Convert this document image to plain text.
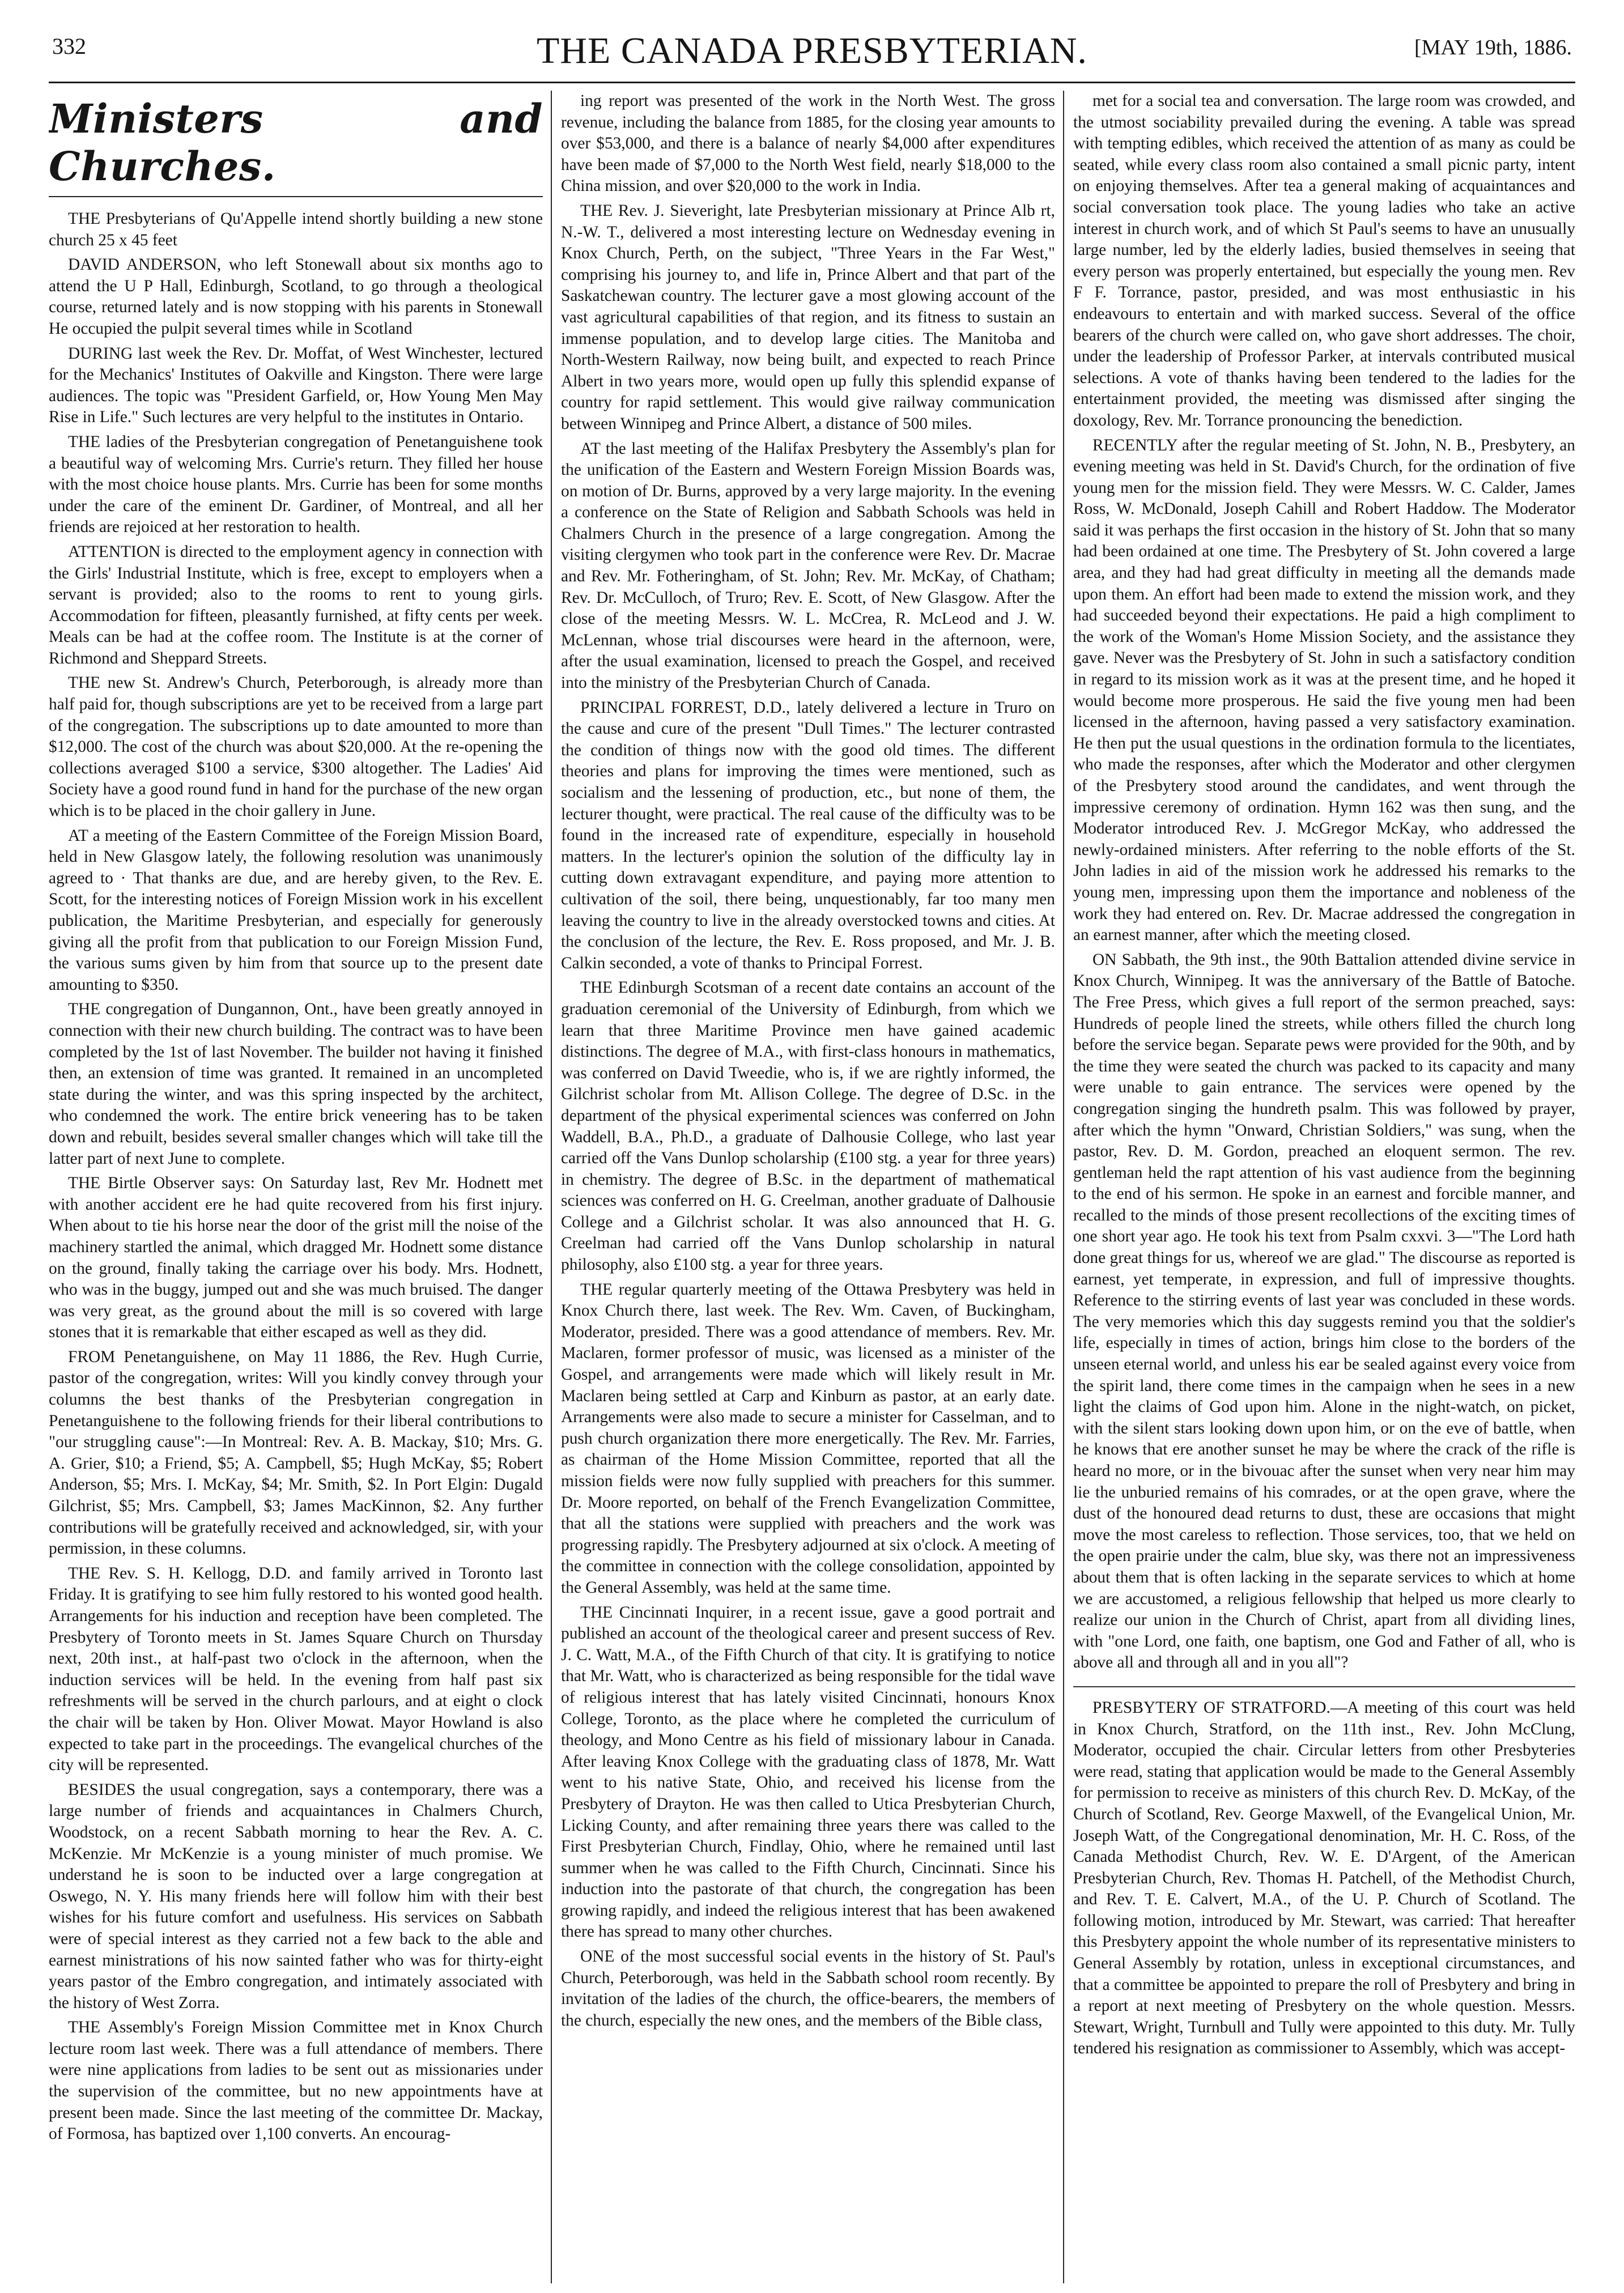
332	THE CANADA PRESBYTERIAN.	[MAY 19th, 1886.
Ministers and Churches.

THE Presbyterians of Qu'Appelle intend shortly building a new stone church 25 x 45 feet

DAVID ANDERSON, who left Stonewall about six months ago to attend the U P Hall, Edinburgh, Scotland, to go through a theological course, returned lately and is now stopping with his parents in Stonewall He occupied the pulpit several times while in Scotland

DURING last week the Rev. Dr. Moffat, of West Winchester, lectured for the Mechanics' Institutes of Oakville and Kingston. There were large audiences. The topic was "President Garfield, or, How Young Men May Rise in Life." Such lectures are very helpful to the institutes in Ontario.

THE ladies of the Presbyterian congregation of Penetanguishene took a beautiful way of welcoming Mrs. Currie's return. They filled her house with the most choice house plants. Mrs. Currie has been for some months under the care of the eminent Dr. Gardiner, of Montreal, and all her friends are rejoiced at her restoration to health.

ATTENTION is directed to the employment agency in connection with the Girls' Industrial Institute, which is free, except to employers when a servant is provided; also to the rooms to rent to young girls. Accommodation for fifteen, pleasantly furnished, at fifty cents per week. Meals can be had at the coffee room. The Institute is at the corner of Richmond and Sheppard Streets.

THE new St. Andrew's Church, Peterborough, is already more than half paid for, though subscriptions are yet to be received from a large part of the congregation. The subscriptions up to date amounted to more than $12,000. The cost of the church was about $20,000. At the re-opening the collections averaged $100 a service, $300 altogether. The Ladies' Aid Society have a good round fund in hand for the purchase of the new organ which is to be placed in the choir gallery in June.

AT a meeting of the Eastern Committee of the Foreign Mission Board, held in New Glasgow lately, the following resolution was unanimously agreed to · That thanks are due, and are hereby given, to the Rev. E. Scott, for the interesting notices of Foreign Mission work in his excellent publication, the Maritime Presbyterian, and especially for generously giving all the profit from that publication to our Foreign Mission Fund, the various sums given by him from that source up to the present date amounting to $350.

THE congregation of Dungannon, Ont., have been greatly annoyed in connection with their new church building. The contract was to have been completed by the 1st of last November. The builder not having it finished then, an extension of time was granted. It remained in an uncompleted state during the winter, and was this spring inspected by the architect, who condemned the work. The entire brick veneering has to be taken down and rebuilt, besides several smaller changes which will take till the latter part of next June to complete.

THE Birtle Observer says: On Saturday last, Rev Mr. Hodnett met with another accident ere he had quite recovered from his first injury. When about to tie his horse near the door of the grist mill the noise of the machinery startled the animal, which dragged Mr. Hodnett some distance on the ground, finally taking the carriage over his body. Mrs. Hodnett, who was in the buggy, jumped out and she was much bruised. The danger was very great, as the ground about the mill is so covered with large stones that it is remarkable that either escaped as well as they did.

FROM Penetanguishene, on May 11 1886, the Rev. Hugh Currie, pastor of the congregation, writes: Will you kindly convey through your columns the best thanks of the Presbyterian congregation in Penetanguishene to the following friends for their liberal contributions to "our struggling cause":—In Montreal: Rev. A. B. Mackay, $10; Mrs. G. A. Grier, $10; a Friend, $5; A. Campbell, $5; Hugh McKay, $5; Robert Anderson, $5; Mrs. I. McKay, $4; Mr. Smith, $2. In Port Elgin: Dugald Gilchrist, $5; Mrs. Campbell, $3; James MacKinnon, $2. Any further contributions will be gratefully received and acknowledged, sir, with your permission, in these columns.

THE Rev. S. H. Kellogg, D.D. and family arrived in Toronto last Friday. It is gratifying to see him fully restored to his wonted good health. Arrangements for his induction and reception have been completed. The Presbytery of Toronto meets in St. James Square Church on Thursday next, 20th inst., at half-past two o'clock in the afternoon, when the induction services will be held. In the evening from half past six refreshments will be served in the church parlours, and at eight o clock the chair will be taken by Hon. Oliver Mowat. Mayor Howland is also expected to take part in the proceedings. The evangelical churches of the city will be represented.

BESIDES the usual congregation, says a contemporary, there was a large number of friends and acquaintances in Chalmers Church, Woodstock, on a recent Sabbath morning to hear the Rev. A. C. McKenzie. Mr McKenzie is a young minister of much promise. We understand he is soon to be inducted over a large congregation at Oswego, N. Y. His many friends here will follow him with their best wishes for his future comfort and usefulness. His services on Sabbath were of special interest as they carried not a few back to the able and earnest ministrations of his now sainted father who was for thirty-eight years pastor of the Embro congregation, and intimately associated with the history of West Zorra.

THE Assembly's Foreign Mission Committee met in Knox Church lecture room last week. There was a full attendance of members. There were nine applications from ladies to be sent out as missionaries under the supervision of the committee, but no new appointments have at present been made. Since the last meeting of the committee Dr. Mackay, of Formosa, has baptized over 1,100 converts. An encourag-

ing report was presented of the work in the North West. The gross revenue, including the balance from 1885, for the closing year amounts to over $53,000, and there is a balance of nearly $4,000 after expenditures have been made of $7,000 to the North West field, nearly $18,000 to the China mission, and over $20,000 to the work in India.

THE Rev. J. Sieveright, late Presbyterian missionary at Prince Alb rt, N.-W. T., delivered a most interesting lecture on Wednesday evening in Knox Church, Perth, on the subject, "Three Years in the Far West," comprising his journey to, and life in, Prince Albert and that part of the Saskatchewan country. The lecturer gave a most glowing account of the vast agricultural capabilities of that region, and its fitness to sustain an immense population, and to develop large cities. The Manitoba and North-Western Railway, now being built, and expected to reach Prince Albert in two years more, would open up fully this splendid expanse of country for rapid settlement. This would give railway communication between Winnipeg and Prince Albert, a distance of 500 miles.

AT the last meeting of the Halifax Presbytery the Assembly's plan for the unification of the Eastern and Western Foreign Mission Boards was, on motion of Dr. Burns, approved by a very large majority. In the evening a conference on the State of Religion and Sabbath Schools was held in Chalmers Church in the presence of a large congregation. Among the visiting clergymen who took part in the conference were Rev. Dr. Macrae and Rev. Mr. Fotheringham, of St. John; Rev. Mr. McKay, of Chatham; Rev. Dr. McCulloch, of Truro; Rev. E. Scott, of New Glasgow. After the close of the meeting Messrs. W. L. McCrea, R. McLeod and J. W. McLennan, whose trial discourses were heard in the afternoon, were, after the usual examination, licensed to preach the Gospel, and received into the ministry of the Presbyterian Church of Canada.

PRINCIPAL FORREST, D.D., lately delivered a lecture in Truro on the cause and cure of the present "Dull Times." The lecturer contrasted the condition of things now with the good old times. The different theories and plans for improving the times were mentioned, such as socialism and the lessening of production, etc., but none of them, the lecturer thought, were practical. The real cause of the difficulty was to be found in the increased rate of expenditure, especially in household matters. In the lecturer's opinion the solution of the difficulty lay in cutting down extravagant expenditure, and paying more attention to cultivation of the soil, there being, unquestionably, far too many men leaving the country to live in the already overstocked towns and cities. At the conclusion of the lecture, the Rev. E. Ross proposed, and Mr. J. B. Calkin seconded, a vote of thanks to Principal Forrest.

THE Edinburgh Scotsman of a recent date contains an account of the graduation ceremonial of the University of Edinburgh, from which we learn that three Maritime Province men have gained academic distinctions. The degree of M.A., with first-class honours in mathematics, was conferred on David Tweedie, who is, if we are rightly informed, the Gilchrist scholar from Mt. Allison College. The degree of D.Sc. in the department of the physical experimental sciences was conferred on John Waddell, B.A., Ph.D., a graduate of Dalhousie College, who last year carried off the Vans Dunlop scholarship (£100 stg. a year for three years) in chemistry. The degree of B.Sc. in the department of mathematical sciences was conferred on H. G. Creelman, another graduate of Dalhousie College and a Gilchrist scholar. It was also announced that H. G. Creelman had carried off the Vans Dunlop scholarship in natural philosophy, also £100 stg. a year for three years.

THE regular quarterly meeting of the Ottawa Presbytery was held in Knox Church there, last week. The Rev. Wm. Caven, of Buckingham, Moderator, presided. There was a good attendance of members. Rev. Mr. Maclaren, former professor of music, was licensed as a minister of the Gospel, and arrangements were made which will likely result in Mr. Maclaren being settled at Carp and Kinburn as pastor, at an early date. Arrangements were also made to secure a minister for Casselman, and to push church organization there more energetically. The Rev. Mr. Farries, as chairman of the Home Mission Committee, reported that all the mission fields were now fully supplied with preachers for this summer. Dr. Moore reported, on behalf of the French Evangelization Committee, that all the stations were supplied with preachers and the work was progressing rapidly. The Presbytery adjourned at six o'clock. A meeting of the committee in connection with the college consolidation, appointed by the General Assembly, was held at the same time.

THE Cincinnati Inquirer, in a recent issue, gave a good portrait and published an account of the theological career and present success of Rev. J. C. Watt, M.A., of the Fifth Church of that city. It is gratifying to notice that Mr. Watt, who is characterized as being responsible for the tidal wave of religious interest that has lately visited Cincinnati, honours Knox College, Toronto, as the place where he completed the curriculum of theology, and Mono Centre as his field of missionary labour in Canada. After leaving Knox College with the graduating class of 1878, Mr. Watt went to his native State, Ohio, and received his license from the Presbytery of Drayton. He was then called to Utica Presbyterian Church, Licking County, and after remaining three years there was called to the First Presbyterian Church, Findlay, Ohio, where he remained until last summer when he was called to the Fifth Church, Cincinnati. Since his induction into the pastorate of that church, the congregation has been growing rapidly, and indeed the religious interest that has been awakened there has spread to many other churches.

ONE of the most successful social events in the history of St. Paul's Church, Peterborough, was held in the Sabbath school room recently. By invitation of the ladies of the church, the office-bearers, the members of the church, especially the new ones, and the members of the Bible class,

met for a social tea and conversation. The large room was crowded, and the utmost sociability prevailed during the evening. A table was spread with tempting edibles, which received the attention of as many as could be seated, while every class room also contained a small picnic party, intent on enjoying themselves. After tea a general making of acquaintances and social conversation took place. The young ladies who take an active interest in church work, and of which St Paul's seems to have an unusually large number, led by the elderly ladies, busied themselves in seeing that every person was properly entertained, but especially the young men. Rev F F. Torrance, pastor, presided, and was most enthusiastic in his endeavours to entertain and with marked success. Several of the office bearers of the church were called on, who gave short addresses. The choir, under the leadership of Professor Parker, at intervals contributed musical selections. A vote of thanks having been tendered to the ladies for the entertainment provided, the meeting was dismissed after singing the doxology, Rev. Mr. Torrance pronouncing the benediction.

RECENTLY after the regular meeting of St. John, N. B., Presbytery, an evening meeting was held in St. David's Church, for the ordination of five young men for the mission field. They were Messrs. W. C. Calder, James Ross, W. McDonald, Joseph Cahill and Robert Haddow. The Moderator said it was perhaps the first occasion in the history of St. John that so many had been ordained at one time. The Presbytery of St. John covered a large area, and they had had great difficulty in meeting all the demands made upon them. An effort had been made to extend the mission work, and they had succeeded beyond their expectations. He paid a high compliment to the work of the Woman's Home Mission Society, and the assistance they gave. Never was the Presbytery of St. John in such a satisfactory condition in regard to its mission work as it was at the present time, and he hoped it would become more prosperous. He said the five young men had been licensed in the afternoon, having passed a very satisfactory examination. He then put the usual questions in the ordination formula to the licentiates, who made the responses, after which the Moderator and other clergymen of the Presbytery stood around the candidates, and went through the impressive ceremony of ordination. Hymn 162 was then sung, and the Moderator introduced Rev. J. McGregor McKay, who addressed the newly-ordained ministers. After referring to the noble efforts of the St. John ladies in aid of the mission work he addressed his remarks to the young men, impressing upon them the importance and nobleness of the work they had entered on. Rev. Dr. Macrae addressed the congregation in an earnest manner, after which the meeting closed.

ON Sabbath, the 9th inst., the 90th Battalion attended divine service in Knox Church, Winnipeg. It was the anniversary of the Battle of Batoche. The Free Press, which gives a full report of the sermon preached, says: Hundreds of people lined the streets, while others filled the church long before the service began. Separate pews were provided for the 90th, and by the time they were seated the church was packed to its capacity and many were unable to gain entrance. The services were opened by the congregation singing the hundreth psalm. This was followed by prayer, after which the hymn "Onward, Christian Soldiers," was sung, when the pastor, Rev. D. M. Gordon, preached an eloquent sermon. The rev. gentleman held the rapt attention of his vast audience from the beginning to the end of his sermon. He spoke in an earnest and forcible manner, and recalled to the minds of those present recollections of the exciting times of one short year ago. He took his text from Psalm cxxvi. 3—"The Lord hath done great things for us, whereof we are glad." The discourse as reported is earnest, yet temperate, in expression, and full of impressive thoughts. Reference to the stirring events of last year was concluded in these words. The very memories which this day suggests remind you that the soldier's life, especially in times of action, brings him close to the borders of the unseen eternal world, and unless his ear be sealed against every voice from the spirit land, there come times in the campaign when he sees in a new light the claims of God upon him. Alone in the night-watch, on picket, with the silent stars looking down upon him, or on the eve of battle, when he knows that ere another sunset he may be where the crack of the rifle is heard no more, or in the bivouac after the sunset when very near him may lie the unburied remains of his comrades, or at the open grave, where the dust of the honoured dead returns to dust, these are occasions that might move the most careless to reflection. Those services, too, that we held on the open prairie under the calm, blue sky, was there not an impressiveness about them that is often lacking in the separate services to which at home we are accustomed, a religious fellowship that helped us more clearly to realize our union in the Church of Christ, apart from all dividing lines, with "one Lord, one faith, one baptism, one God and Father of all, who is above all and through all and in you all"?

PRESBYTERY OF STRATFORD.—A meeting of this court was held in Knox Church, Stratford, on the 11th inst., Rev. John McClung, Moderator, occupied the chair. Circular letters from other Presbyteries were read, stating that application would be made to the General Assembly for permission to receive as ministers of this church Rev. D. McKay, of the Church of Scotland, Rev. George Maxwell, of the Evangelical Union, Mr. Joseph Watt, of the Congregational denomination, Mr. H. C. Ross, of the Canada Methodist Church, Rev. W. E. D'Argent, of the American Presbyterian Church, Rev. Thomas H. Patchell, of the Methodist Church, and Rev. T. E. Calvert, M.A., of the U. P. Church of Scotland. The following motion, introduced by Mr. Stewart, was carried: That hereafter this Presbytery appoint the whole number of its representative ministers to General Assembly by rotation, unless in exceptional circumstances, and that a committee be appointed to prepare the roll of Presbytery and bring in a report at next meeting of Presbytery on the whole question. Messrs. Stewart, Wright, Turnbull and Tully were appointed to this duty. Mr. Tully tendered his resignation as commissioner to Assembly, which was accept-
